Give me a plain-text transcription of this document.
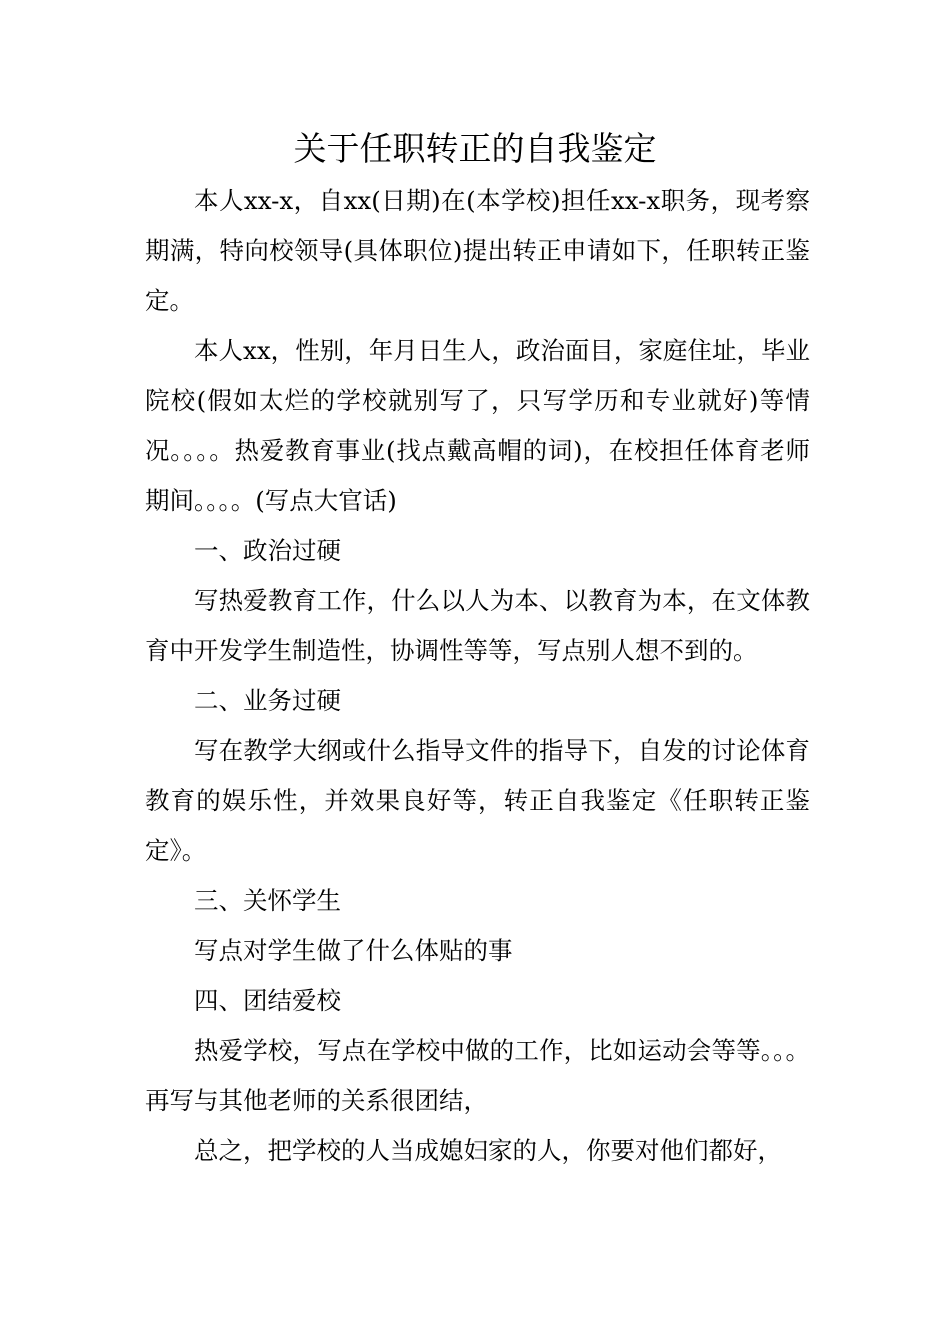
关于任职转正的自我鉴定

本人xx-x，自xx(日期)在(本学校)担任xx-x职务，现考察期满，特向校领导(具体职位)提出转正申请如下，任职转正鉴定。

本人xx，性别，年月日生人，政治面目，家庭住址，毕业院校(假如太烂的学校就别写了，只写学历和专业就好)等情况。。。。热爱教育事业(找点戴高帽的词)，在校担任体育老师期间。。。。(写点大官话)

一、政治过硬

写热爱教育工作，什么以人为本、以教育为本，在文体教育中开发学生制造性，协调性等等，写点别人想不到的。

二、业务过硬

写在教学大纲或什么指导文件的指导下，自发的讨论体育教育的娱乐性，并效果良好等，转正自我鉴定《任职转正鉴定》。

三、关怀学生

写点对学生做了什么体贴的事

四、团结爱校

热爱学校，写点在学校中做的工作，比如运动会等等。。。再写与其他老师的关系很团结，

总之，把学校的人当成媳妇家的人，你要对他们都好，
